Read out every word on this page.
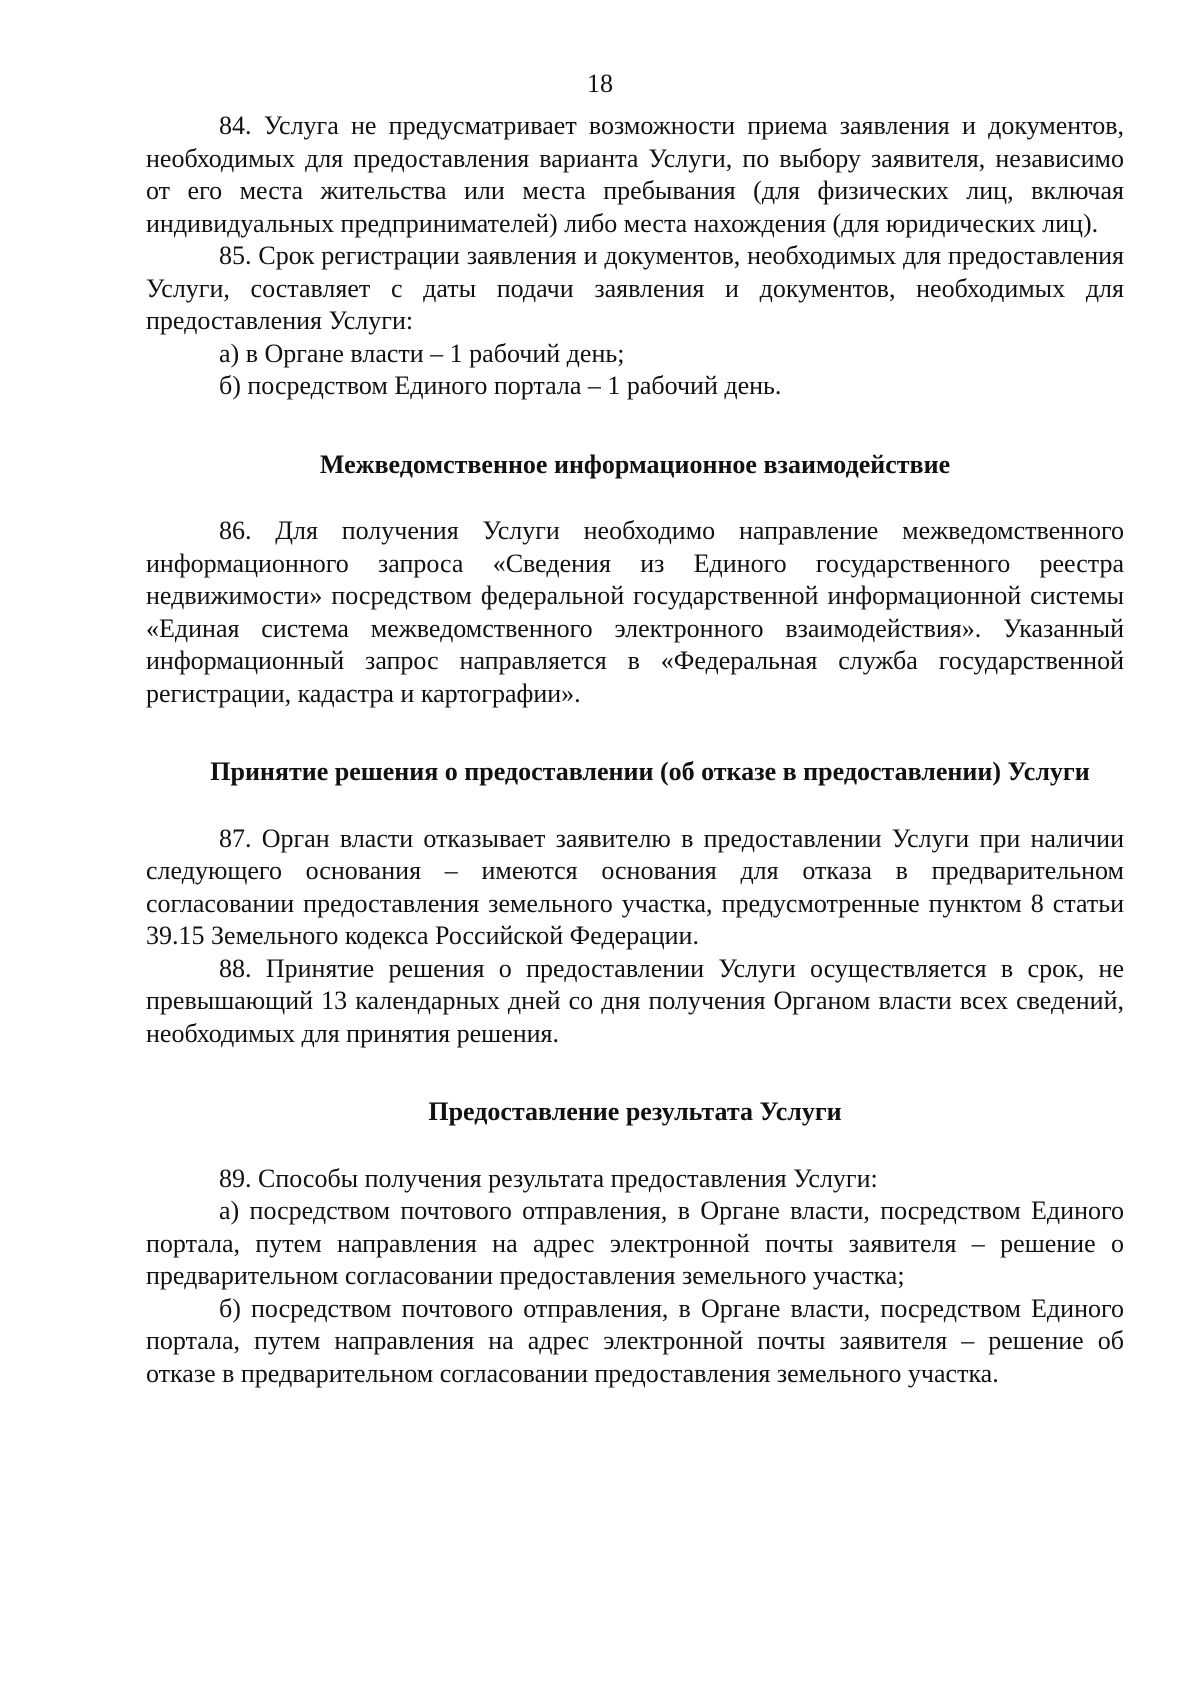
18

84. Услуга не предусматривает возможности приема заявления и документов, необходимых для предоставления варианта Услуги, по выбору заявителя, независимо от его места жительства или места пребывания (для физических лиц, включая индивидуальных предпринимателей) либо места нахождения (для юридических лиц).

85. Срок регистрации заявления и документов, необходимых для предоставления Услуги, составляет с даты подачи заявления и документов, необходимых для предоставления Услуги:

а) в Органе власти – 1 рабочий день;

б) посредством Единого портала – 1 рабочий день.

Межведомственное информационное взаимодействие

86. Для получения Услуги необходимо направление межведомственного информационного запроса «Сведения из Единого государственного реестра недвижимости» посредством федеральной государственной информационной системы «Единая система межведомственного электронного взаимодействия». Указанный информационный запрос направляется в «Федеральная служба государственной регистрации, кадастра и картографии».

Принятие решения о предоставлении (об отказе в предоставлении) Услуги

87. Орган власти отказывает заявителю в предоставлении Услуги при наличии следующего основания – имеются основания для отказа в предварительном согласовании предоставления земельного участка, предусмотренные пунктом 8 статьи 39.15 Земельного кодекса Российской Федерации.

88. Принятие решения о предоставлении Услуги осуществляется в срок, не превышающий 13 календарных дней со дня получения Органом власти всех сведений, необходимых для принятия решения.

Предоставление результата Услуги

89. Способы получения результата предоставления Услуги:

а) посредством почтового отправления, в Органе власти, посредством Единого портала, путем направления на адрес электронной почты заявителя – решение о предварительном согласовании предоставления земельного участка;

б) посредством почтового отправления, в Органе власти, посредством Единого портала, путем направления на адрес электронной почты заявителя – решение об отказе в предварительном согласовании предоставления земельного участка.
